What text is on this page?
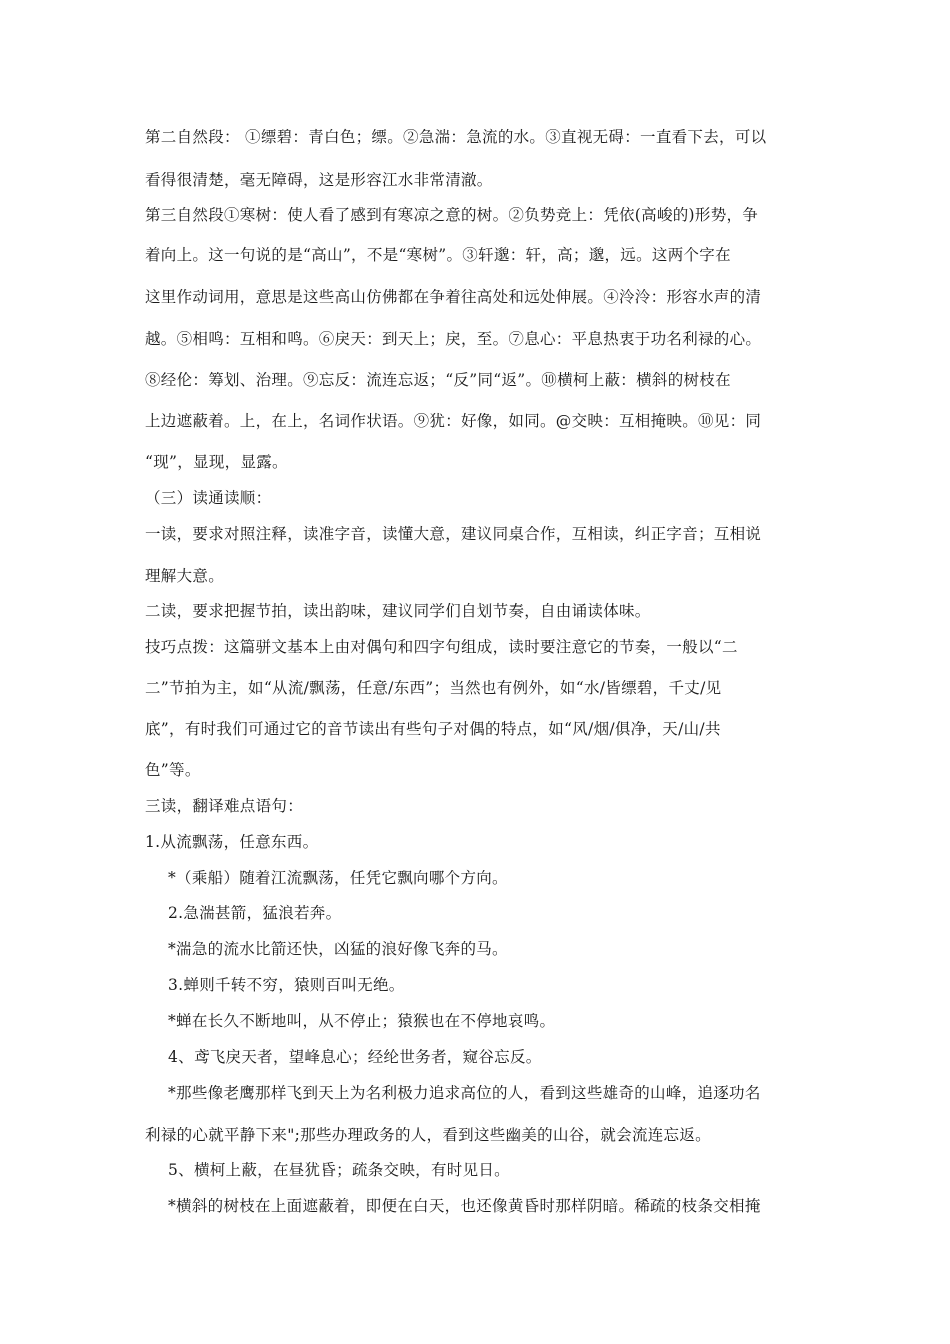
第二自然段： ①缥碧：青白色；缥。②急湍：急流的水。③直视无碍：一直看下去，可以
看得很清楚，毫无障碍，这是形容江水非常清澈。
第三自然段①寒树：使人看了感到有寒凉之意的树。②负势竞上：凭依(高峻的)形势，争
着向上。这一句说的是“高山”，不是“寒树”。③轩邈：轩，高；邈，远。这两个字在
这里作动词用，意思是这些高山仿佛都在争着往高处和远处伸展。④泠泠：形容水声的清
越。⑤相鸣：互相和鸣。⑥戾天：到天上；戾，至。⑦息心：平息热衷于功名利禄的心。
⑧经伦：筹划、治理。⑨忘反：流连忘返；“反”同“返”。⑩横柯上蔽：横斜的树枝在
上边遮蔽着。上，在上，名词作状语。⑨犹：好像，如同。@交映：互相掩映。⑩见：同
“现”，显现，显露。
（三）读通读顺：
一读，要求对照注释，读准字音，读懂大意，建议同桌合作，互相读，纠正字音；互相说
理解大意。
二读，要求把握节拍，读出韵味，建议同学们自划节奏，自由诵读体味。
技巧点拨：这篇骈文基本上由对偶句和四字句组成，读时要注意它的节奏，一般以“二
二”节拍为主，如“从流/飘荡，任意/东西”；当然也有例外，如“水/皆缥碧，千丈/见
底”，有时我们可通过它的音节读出有些句子对偶的特点，如“风/烟/俱净，天/山/共
色”等。
三读，翻译难点语句：
1.从流飘荡，任意东西。
*（乘船）随着江流飘荡，任凭它飘向哪个方向。
2.急湍甚箭，猛浪若奔。
*湍急的流水比箭还快，凶猛的浪好像飞奔的马。
3.蝉则千转不穷，猿则百叫无绝。
*蝉在长久不断地叫，从不停止；猿猴也在不停地哀鸣。
4、鸢飞戾天者，望峰息心；经纶世务者，窥谷忘反。
*那些像老鹰那样飞到天上为名利极力追求高位的人，看到这些雄奇的山峰，追逐功名
利禄的心就平静下来";那些办理政务的人，看到这些幽美的山谷，就会流连忘返。
5、横柯上蔽，在昼犹昏；疏条交映，有时见日。
*横斜的树枝在上面遮蔽着，即便在白天，也还像黄昏时那样阴暗。稀疏的枝条交相掩
